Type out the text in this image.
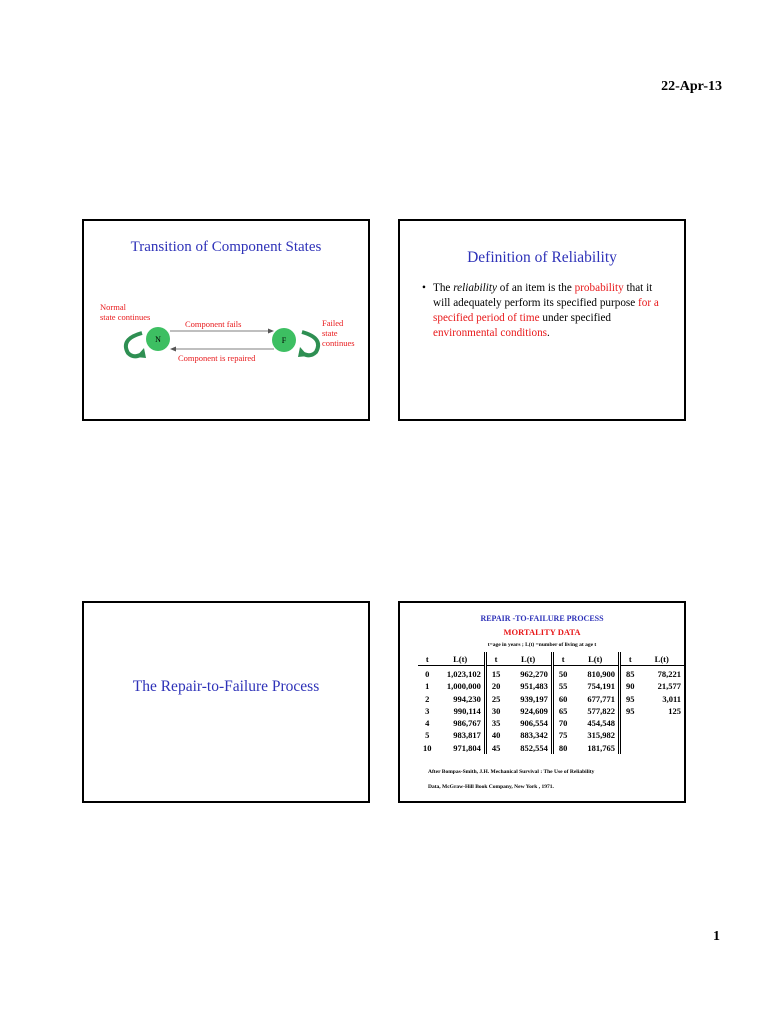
22-Apr-13
Transition of Component States
Normal
state continues
Component fails	Failed
state
continues
Component is repaired
N	F
Definition of Reliability
• The reliability of an item is the probability that it will adequately perform its specified purpose for a specified period of time under specified environmental conditions.
The Repair-to-Failure Process
REPAIR -TO-FAILURE PROCESS
MORTALITY DATA
t=age in years ; L(t) =number of living at age t
t	L(t)	t	L(t)	t	L(t)	t	L(t)
0	1,023,102	15	962,270	50	810,900	85	78,221
1	1,000,000	20	951,483	55	754,191	90	21,577
2	994,230	25	939,197	60	677,771	95	3,011
3	990,114	30	924,609	65	577,822	95	125
4	986,767	35	906,554	70	454,548		
5	983,817	40	883,342	75	315,982		
10	971,804	45	852,554	80	181,765		
After Bompas-Smith, J.H. Mechanical Survival : The Use of Reliability
Data, McGraw-Hill Book Company, New York , 1971.
1
